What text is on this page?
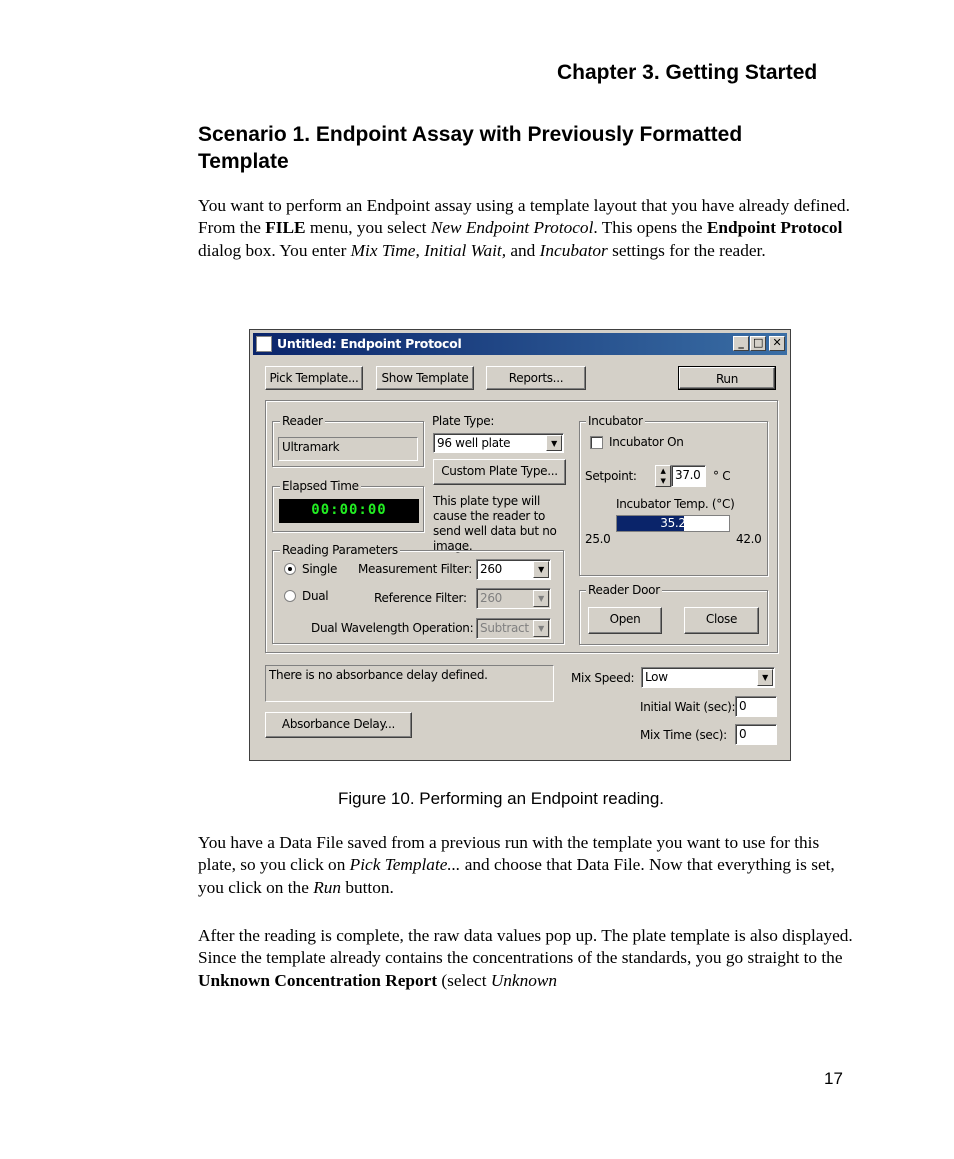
Chapter 3. Getting Started
Scenario 1. Endpoint Assay with Previously Formatted Template
You want to perform an Endpoint assay using a template layout that you have already defined. From the FILE menu, you select New Endpoint Protocol. This opens the Endpoint Protocol dialog box. You enter Mix Time, Initial Wait, and Incubator settings for the reader.
Untitled: Endpoint Protocol	_ □ ✕
Pick Template...	Show Template	Reports...	Run
Reader
Ultramark
Elapsed Time
00:00:00
Plate Type:
96 well plate	▼
Custom Plate Type...
This plate type will cause the reader to send well data but no image.
Reading Parameters
Single
Dual
Measurement Filter: 260	▼
Reference Filter:	260	▼
Dual Wavelength Operation: Subtract	▼
Incubator
Incubator On
Setpoint:	▲
▼ 37.0	° C
Incubator Temp. (°C)
35.2
25.0	42.0
Reader Door
Open	Close
There is no absorbance delay defined.
Absorbance Delay...
Mix Speed: Low	▼
Initial Wait (sec): 0
Mix Time (sec):	0
Figure 10. Performing an Endpoint reading.
You have a Data File saved from a previous run with the template you want to use for this plate, so you click on Pick Template... and choose that Data File. Now that everything is set, you click on the Run button.
After the reading is complete, the raw data values pop up. The plate template is also displayed. Since the template already contains the concentrations of the standards, you go straight to the Unknown Concentration Report (select Unknown
17
